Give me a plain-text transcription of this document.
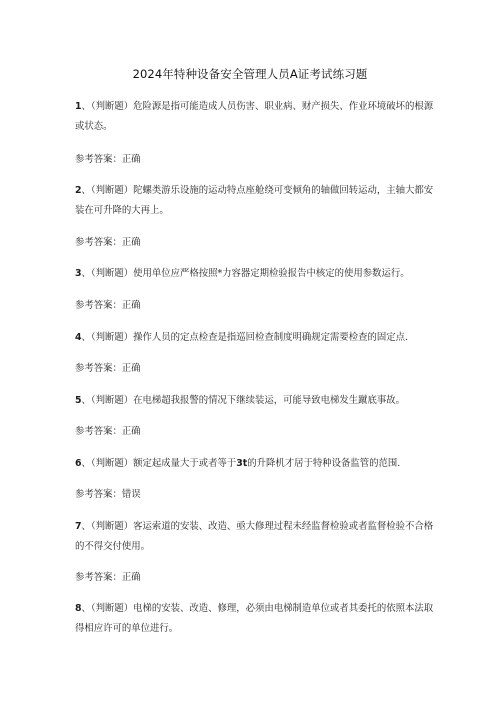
2024年特种设备安全管理人员A证考试练习题
1、（判断题）危险源是指可能造成人员伤害、职业病、财产损失、作业环境破坏的根源或状态。
参考答案：正确
2、（判断题）陀螺类游乐设施的运动特点座舱绕可变倾角的轴做回转运动，主轴大都安装在可升降的大再上。
参考答案：正确
3、（判断题）使用单位应严格按照*力容器定期检验报告中核定的使用参数运行。
参考答案：正确
4、（判断题）操作人员的定点检查是指巡回检查制度明确规定需要检查的固定点.
参考答案：正确
5、（判断题）在电梯超我报警的情况下继续装运，可能导致电梯发生蹴底事故。
参考答案：正确
6、（判断题）额定起成量大于或者等于3t的升降机才居于特种设备监管的范围.
参考答案：错误
7、（判断题）客运索道的安装、改造、亟大修理过程未经监督检验或者监督检验不合格的不得交付使用。
参考答案：正确
8、（判断题）电梯的安装、改造、修理，必须由电梯制造单位或者其委托的依照本法取得相应许可的单位进行。
